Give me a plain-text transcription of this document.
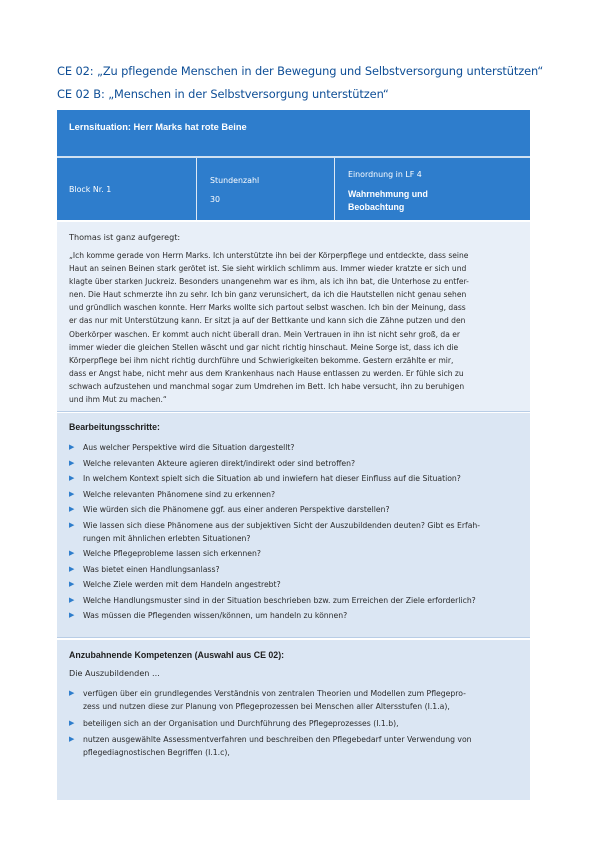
CE 02: „Zu pflegende Menschen in der Bewegung und Selbstversorgung unterstützen“
CE 02 B: „Menschen in der Selbstversorgung unterstützen“
Lernsituation: Herr Marks hat rote Beine
Block Nr. 1
Stundenzahl
30
Einordnung in LF 4
Wahrnehmung und
Beobachtung
Thomas ist ganz aufgeregt:
„Ich komme gerade von Herrn Marks. Ich unterstützte ihn bei der Körperpflege und entdeckte, dass seine
Haut an seinen Beinen stark gerötet ist. Sie sieht wirklich schlimm aus. Immer wieder kratzte er sich und
klagte über starken Juckreiz. Besonders unangenehm war es ihm, als ich ihn bat, die Unterhose zu entfer-
nen. Die Haut schmerzte ihn zu sehr. Ich bin ganz verunsichert, da ich die Hautstellen nicht genau sehen
und gründlich waschen konnte. Herr Marks wollte sich partout selbst waschen. Ich bin der Meinung, dass
er das nur mit Unterstützung kann. Er sitzt ja auf der Bettkante und kann sich die Zähne putzen und den
Oberkörper waschen. Er kommt auch nicht überall dran. Mein Vertrauen in ihn ist nicht sehr groß, da er
immer wieder die gleichen Stellen wäscht und gar nicht richtig hinschaut. Meine Sorge ist, dass ich die
Körperpflege bei ihm nicht richtig durchführe und Schwierigkeiten bekomme. Gestern erzählte er mir,
dass er Angst habe, nicht mehr aus dem Krankenhaus nach Hause entlassen zu werden. Er fühle sich zu
schwach aufzustehen und manchmal sogar zum Umdrehen im Bett. Ich habe versucht, ihn zu beruhigen
und ihm Mut zu machen.“
Bearbeitungsschritte:
▶ Aus welcher Perspektive wird die Situation dargestellt?
▶ Welche relevanten Akteure agieren direkt/indirekt oder sind betroffen?
▶ In welchem Kontext spielt sich die Situation ab und inwiefern hat dieser Einfluss auf die Situation?
▶ Welche relevanten Phänomene sind zu erkennen?
▶ Wie würden sich die Phänomene ggf. aus einer anderen Perspektive darstellen?
▶ Wie lassen sich diese Phänomene aus der subjektiven Sicht der Auszubildenden deuten? Gibt es Erfah-
rungen mit ähnlichen erlebten Situationen?
▶ Welche Pflegeprobleme lassen sich erkennen?
▶ Was bietet einen Handlungsanlass?
▶ Welche Ziele werden mit dem Handeln angestrebt?
▶ Welche Handlungsmuster sind in der Situation beschrieben bzw. zum Erreichen der Ziele erforderlich?
▶ Was müssen die Pflegenden wissen/können, um handeln zu können?
Anzubahnende Kompetenzen (Auswahl aus CE 02):
Die Auszubildenden ...
▶ verfügen über ein grundlegendes Verständnis von zentralen Theorien und Modellen zum Pflegepro-
zess und nutzen diese zur Planung von Pflegeprozessen bei Menschen aller Altersstufen (I.1.a),
▶ beteiligen sich an der Organisation und Durchführung des Pflegeprozesses (I.1.b),
▶ nutzen ausgewählte Assessmentverfahren und beschreiben den Pflegebedarf unter Verwendung von
pflegediagnostischen Begriffen (I.1.c),
